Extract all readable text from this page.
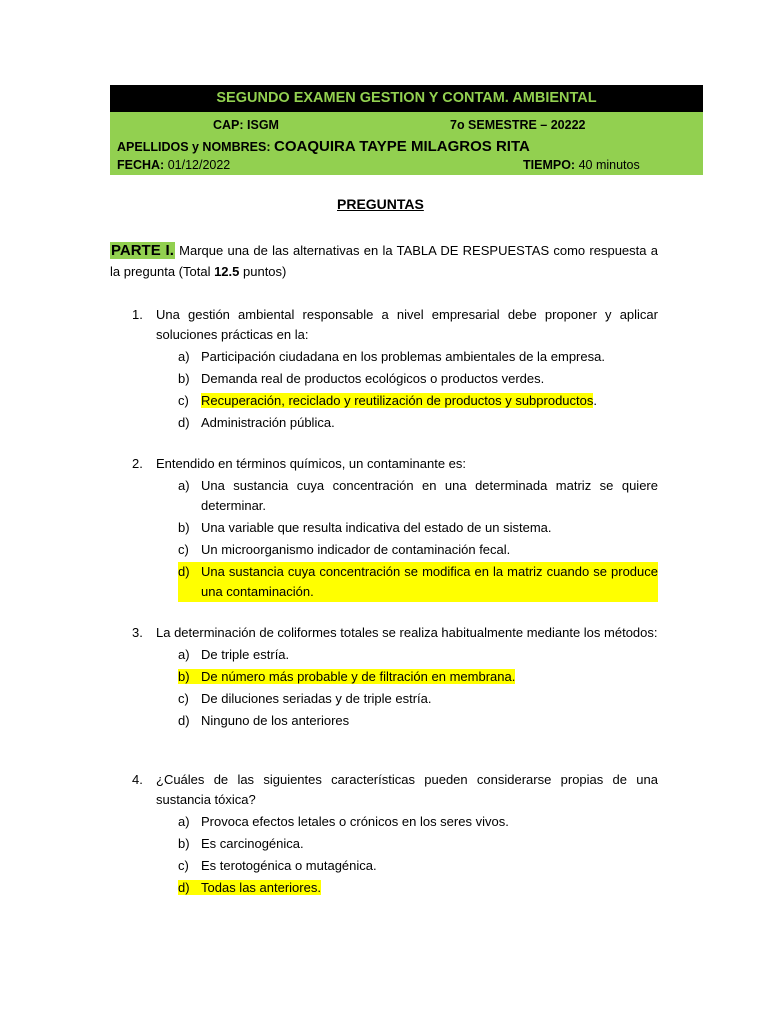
SEGUNDO EXAMEN GESTION Y CONTAM. AMBIENTAL
CAP: ISGM	7o SEMESTRE – 20222
APELLIDOS y NOMBRES: COAQUIRA TAYPE MILAGROS RITA
FECHA: 01/12/2022	TIEMPO: 40 minutos
PREGUNTAS
PARTE I. Marque una de las alternativas en la TABLA DE RESPUESTAS como respuesta a la pregunta (Total 12.5 puntos)
1.	Una gestión ambiental responsable a nivel empresarial debe proponer y aplicar soluciones prácticas en la:
a) Participación ciudadana en los problemas ambientales de la empresa.
b) Demanda real de productos ecológicos o productos verdes.
c) Recuperación, reciclado y reutilización de productos y subproductos.
d) Administración pública.
2.	Entendido en términos químicos, un contaminante es:
a) Una sustancia cuya concentración en una determinada matriz se quiere determinar.
b) Una variable que resulta indicativa del estado de un sistema.
c) Un microorganismo indicador de contaminación fecal.
d) Una sustancia cuya concentración se modifica en la matriz cuando se produce una contaminación.
3.	La determinación de coliformes totales se realiza habitualmente mediante los métodos:
a) De triple estría.
b) De número más probable y de filtración en membrana.
c) De diluciones seriadas y de triple estría.
d) Ninguno de los anteriores
4.	¿Cuáles de las siguientes características pueden considerarse propias de una sustancia tóxica?
a) Provoca efectos letales o crónicos en los seres vivos.
b) Es carcinogénica.
c) Es terotogénica o mutagénica.
d) Todas las anteriores.
